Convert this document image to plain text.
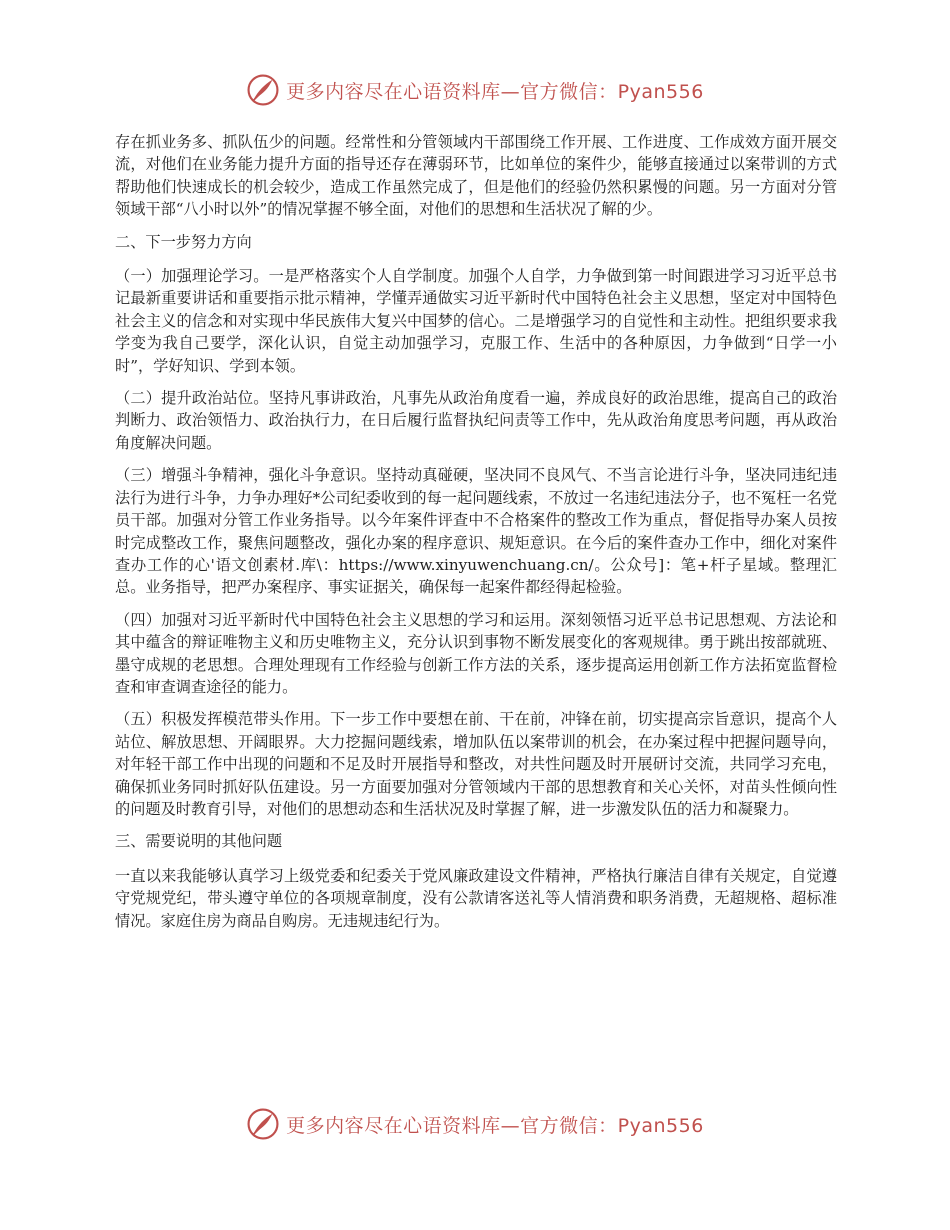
更多内容尽在心语资料库—官方微信：Pyan556

存在抓业务多、抓队伍少的问题。经常性和分管领域内干部围绕工作开展、工作进度、工作成效方面开展交流，对他们在业务能力提升方面的指导还存在薄弱环节，比如单位的案件少，能够直接通过以案带训的方式帮助他们快速成长的机会较少，造成工作虽然完成了，但是他们的经验仍然积累慢的问题。另一方面对分管领域干部“八小时以外”的情况掌握不够全面，对他们的思想和生活状况了解的少。

二、下一步努力方向

（一）加强理论学习。一是严格落实个人自学制度。加强个人自学，力争做到第一时间跟进学习习近平总书记最新重要讲话和重要指示批示精神，学懂弄通做实习近平新时代中国特色社会主义思想，坚定对中国特色社会主义的信念和对实现中华民族伟大复兴中国梦的信心。二是增强学习的自觉性和主动性。把组织要求我学变为我自己要学，深化认识，自觉主动加强学习，克服工作、生活中的各种原因，力争做到“日学一小时”，学好知识、学到本领。

（二）提升政治站位。坚持凡事讲政治，凡事先从政治角度看一遍，养成良好的政治思维，提高自己的政治判断力、政治领悟力、政治执行力，在日后履行监督执纪问责等工作中，先从政治角度思考问题，再从政治角度解决问题。

（三）增强斗争精神，强化斗争意识。坚持动真碰硬，坚决同不良风气、不当言论进行斗争，坚决同违纪违法行为进行斗争，力争办理好*公司纪委收到的每一起问题线索，不放过一名违纪违法分子，也不冤枉一名党员干部。加强对分管工作业务指导。以今年案件评查中不合格案件的整改工作为重点，督促指导办案人员按时完成整改工作，聚焦问题整改，强化办案的程序意识、规矩意识。在今后的案件查办工作中，细化对案件查办工作的心'语文创素材.库\：https://www.xinyuwenchuang.cn/。公众号]：笔+杆子星域。整理汇总。业务指导，把严办案程序、事实证据关，确保每一起案件都经得起检验。

（四）加强对习近平新时代中国特色社会主义思想的学习和运用。深刻领悟习近平总书记思想观、方法论和其中蕴含的辩证唯物主义和历史唯物主义，充分认识到事物不断发展变化的客观规律。勇于跳出按部就班、墨守成规的老思想。合理处理现有工作经验与创新工作方法的关系，逐步提高运用创新工作方法拓宽监督检查和审查调查途径的能力。

（五）积极发挥模范带头作用。下一步工作中要想在前、干在前，冲锋在前，切实提高宗旨意识，提高个人站位、解放思想、开阔眼界。大力挖掘问题线索，增加队伍以案带训的机会，在办案过程中把握问题导向，对年轻干部工作中出现的问题和不足及时开展指导和整改，对共性问题及时开展研讨交流，共同学习充电，确保抓业务同时抓好队伍建设。另一方面要加强对分管领域内干部的思想教育和关心关怀，对苗头性倾向性的问题及时教育引导，对他们的思想动态和生活状况及时掌握了解，进一步激发队伍的活力和凝聚力。

三、需要说明的其他问题

一直以来我能够认真学习上级党委和纪委关于党风廉政建设文件精神，严格执行廉洁自律有关规定，自觉遵守党规党纪，带头遵守单位的各项规章制度，没有公款请客送礼等人情消费和职务消费，无超规格、超标准情况。家庭住房为商品自购房。无违规违纪行为。

更多内容尽在心语资料库—官方微信：Pyan556
